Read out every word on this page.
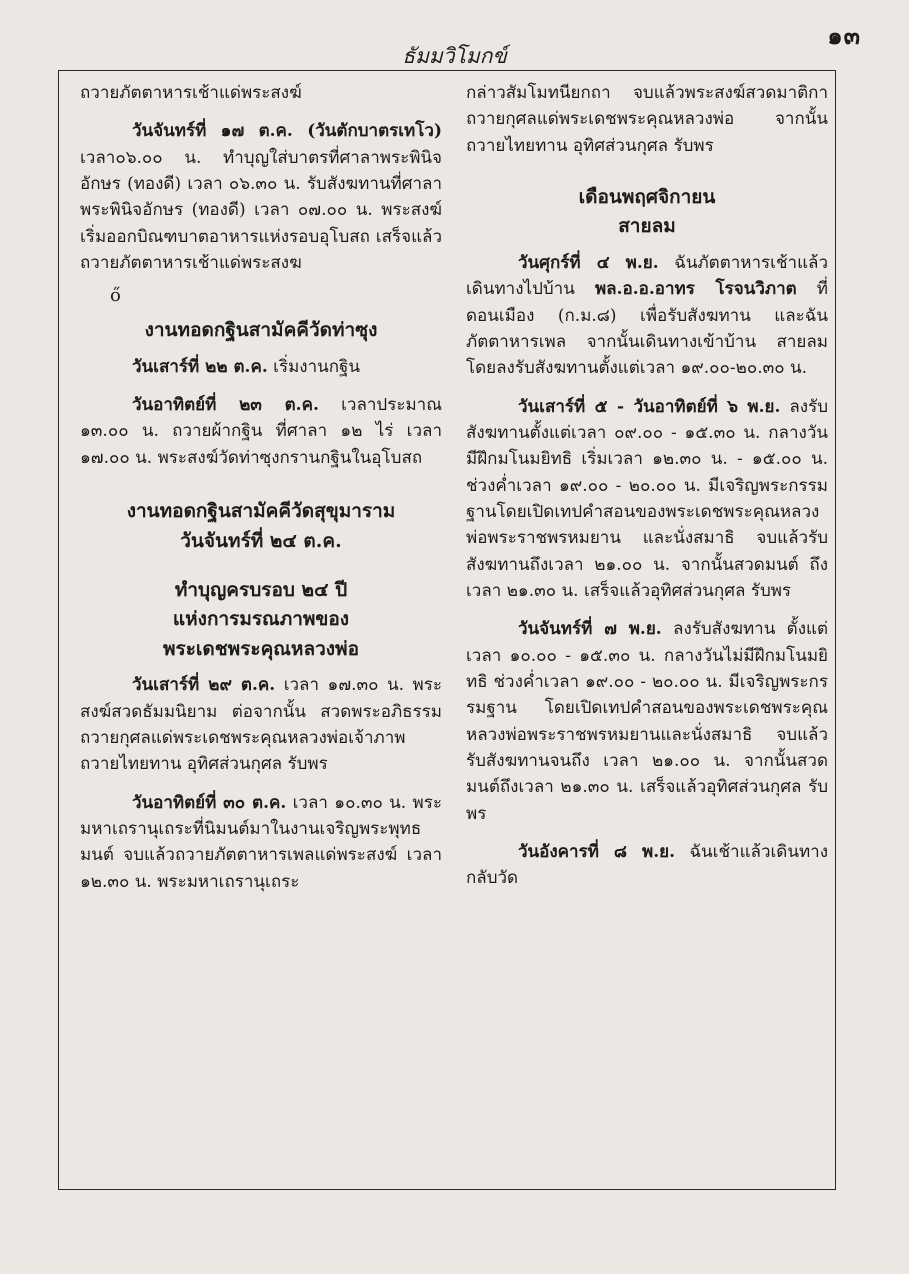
๑๓
ธัมมวิโมกข์

ถวายภัตตาหารเช้าแด่พระสงฆ์

วันจันทร์ที่ ๑๗ ต.ค. (วันตักบาตรเทโว) เวลา๐๖.๐๐ น. ทำบุญใส่บาตรที่ศาลาพระพินิจอักษร (ทองดี) เวลา ๐๖.๓๐ น. รับสังฆทานที่ศาลาพระพินิจอักษร (ทองดี) เวลา ๐๗.๐๐ น. พระสงฆ์ เริ่มออกบิณฑบาตอาหารแห่งรอบอุโบสถ เสร็จแล้วถวายภัตตาหารเช้าแด่พระสงฆ

ő
งานทอดกฐินสามัคคีวัดท่าซุง

วันเสาร์ที่ ๒๒ ต.ค. เริ่มงานกฐิน

วันอาทิตย์ที่ ๒๓ ต.ค. เวลาประมาณ ๑๓.๐๐ น. ถวายผ้ากฐิน ที่ศาลา ๑๒ ไร่ เวลา ๑๗.๐๐ น. พระสงฆ์วัดท่าซุงกรานกฐินในอุโบสถ

งานทอดกฐินสามัคคีวัดสุขุมาราม
วันจันทร์ที่ ๒๔ ต.ค.
ทำบุญครบรอบ ๒๔ ปี
แห่งการมรณภาพของ
พระเดชพระคุณหลวงพ่อ

วันเสาร์ที่ ๒๙ ต.ค. เวลา ๑๗.๓๐ น. พระสงฆ์สวดธัมมนิยาม ต่อจากนั้น สวดพระอภิธรรมถวายกุศลแด่พระเดชพระคุณหลวงพ่อเจ้าภาพถวายไทยทาน อุทิศส่วนกุศล รับพร

วันอาทิตย์ที่ ๓๐ ต.ค. เวลา ๑๐.๓๐ น. พระมหาเถรานุเถระที่นิมนต์มาในงานเจริญพระพุทธมนต์ จบแล้วถวายภัตตาหารเพลแด่พระสงฆ์ เวลา ๑๒.๓๐ น. พระมหาเถรานุเถระ

กล่าวสัมโมทนียกถา จบแล้วพระสงฆ์สวดมาติกาถวายกุศลแด่พระเดชพระคุณหลวงพ่อ จากนั้นถวายไทยทาน อุทิศส่วนกุศล รับพร

เดือนพฤศจิกายน
สายลม

วันศุกร์ที่ ๔ พ.ย. ฉันภัตตาหารเช้าแล้ว เดินทางไปบ้าน พล.อ.อ.อาทร โรจนวิภาต ที่ดอนเมือง (ก.ม.๘) เพื่อรับสังฆทาน และฉันภัตตาหารเพล จากนั้นเดินทางเข้าบ้าน สายลม โดยลงรับสังฆทานตั้งแต่เวลา ๑๙.๐๐-๒๐.๓๐ น.

วันเสาร์ที่ ๕ - วันอาทิตย์ที่ ๖ พ.ย. ลงรับสังฆทานตั้งแต่เวลา ๐๙.๐๐ - ๑๕.๓๐ น. กลางวัน มีฝึกมโนมยิทธิ เริ่มเวลา ๑๒.๓๐ น. - ๑๕.๐๐ น. ช่วงค่ำเวลา ๑๙.๐๐ - ๒๐.๐๐ น. มีเจริญพระกรรมฐานโดยเปิดเทปคำสอนของพระเดชพระคุณหลวงพ่อพระราชพรหมยาน และนั่งสมาธิ จบแล้วรับสังฆทานถึงเวลา ๒๑.๐๐ น. จากนั้นสวดมนต์ ถึงเวลา ๒๑.๓๐ น. เสร็จแล้วอุทิศส่วนกุศล รับพร

วันจันทร์ที่ ๗ พ.ย. ลงรับสังฆทาน ตั้งแต่เวลา ๑๐.๐๐ - ๑๕.๓๐ น. กลางวันไม่มีฝึกมโนมยิทธิ ช่วงค่ำเวลา ๑๙.๐๐ - ๒๐.๐๐ น. มีเจริญพระกรรมฐาน โดยเปิดเทปคำสอนของพระเดชพระคุณหลวงพ่อพระราชพรหมยานและนั่งสมาธิ จบแล้วรับสังฆทานจนถึง เวลา ๒๑.๐๐ น. จากนั้นสวดมนต์ถึงเวลา ๒๑.๓๐ น. เสร็จแล้วอุทิศส่วนกุศล รับพร

วันอังคารที่ ๘ พ.ย. ฉันเช้าแล้วเดินทางกลับวัด
